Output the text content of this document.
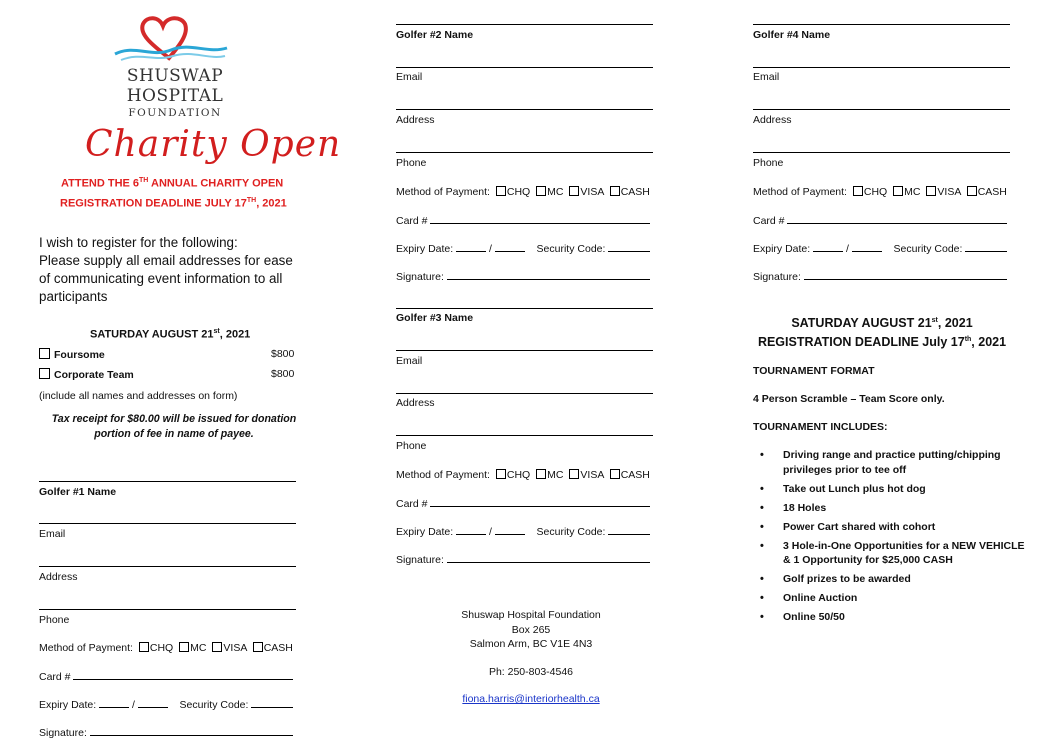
SHUSWAP HOSPITAL
FOUNDATION
Charity Open
ATTEND THE 6TH ANNUAL CHARITY OPEN
REGISTRATION DEADLINE JULY 17TH, 2021
I wish to register for the following:
Please supply all email addresses for ease of communicating event information to all participants
SATURDAY AUGUST 21st, 2021
Foursome	$800
Corporate Team	$800
(include all names and addresses on form)
Tax receipt for $80.00 will be issued for donation portion of fee in name of payee.
Golfer #1 Name
Email
Address
Phone
Method of Payment: CHQ MC VISA CASH
Card #
Expiry Date:	/	Security Code:
Signature:
Golfer #2 Name
Email
Address
Phone
Method of Payment: CHQ MC VISA CASH
Card #
Expiry Date:	/	Security Code:
Signature:
Golfer #3 Name
Email
Address
Phone
Method of Payment: CHQ MC VISA CASH
Card #
Expiry Date:	/	Security Code:
Signature:
Shuswap Hospital Foundation
Box 265
Salmon Arm, BC V1E 4N3
Ph: 250-803-4546
fiona.harris@interiorhealth.ca
Golfer #4 Name
Email
Address
Phone
Method of Payment: CHQ MC VISA CASH
Card #
Expiry Date:	/	Security Code:
Signature:
SATURDAY AUGUST 21st, 2021
REGISTRATION DEADLINE July 17th, 2021
TOURNAMENT FORMAT
4 Person Scramble – Team Score only.
TOURNAMENT INCLUDES:
• Driving range and practice putting/chipping privileges prior to tee off
• Take out Lunch plus hot dog
• 18 Holes
• Power Cart shared with cohort
• 3 Hole-in-One Opportunities for a NEW VEHICLE & 1 Opportunity for $25,000 CASH
• Golf prizes to be awarded
• Online Auction
• Online 50/50
